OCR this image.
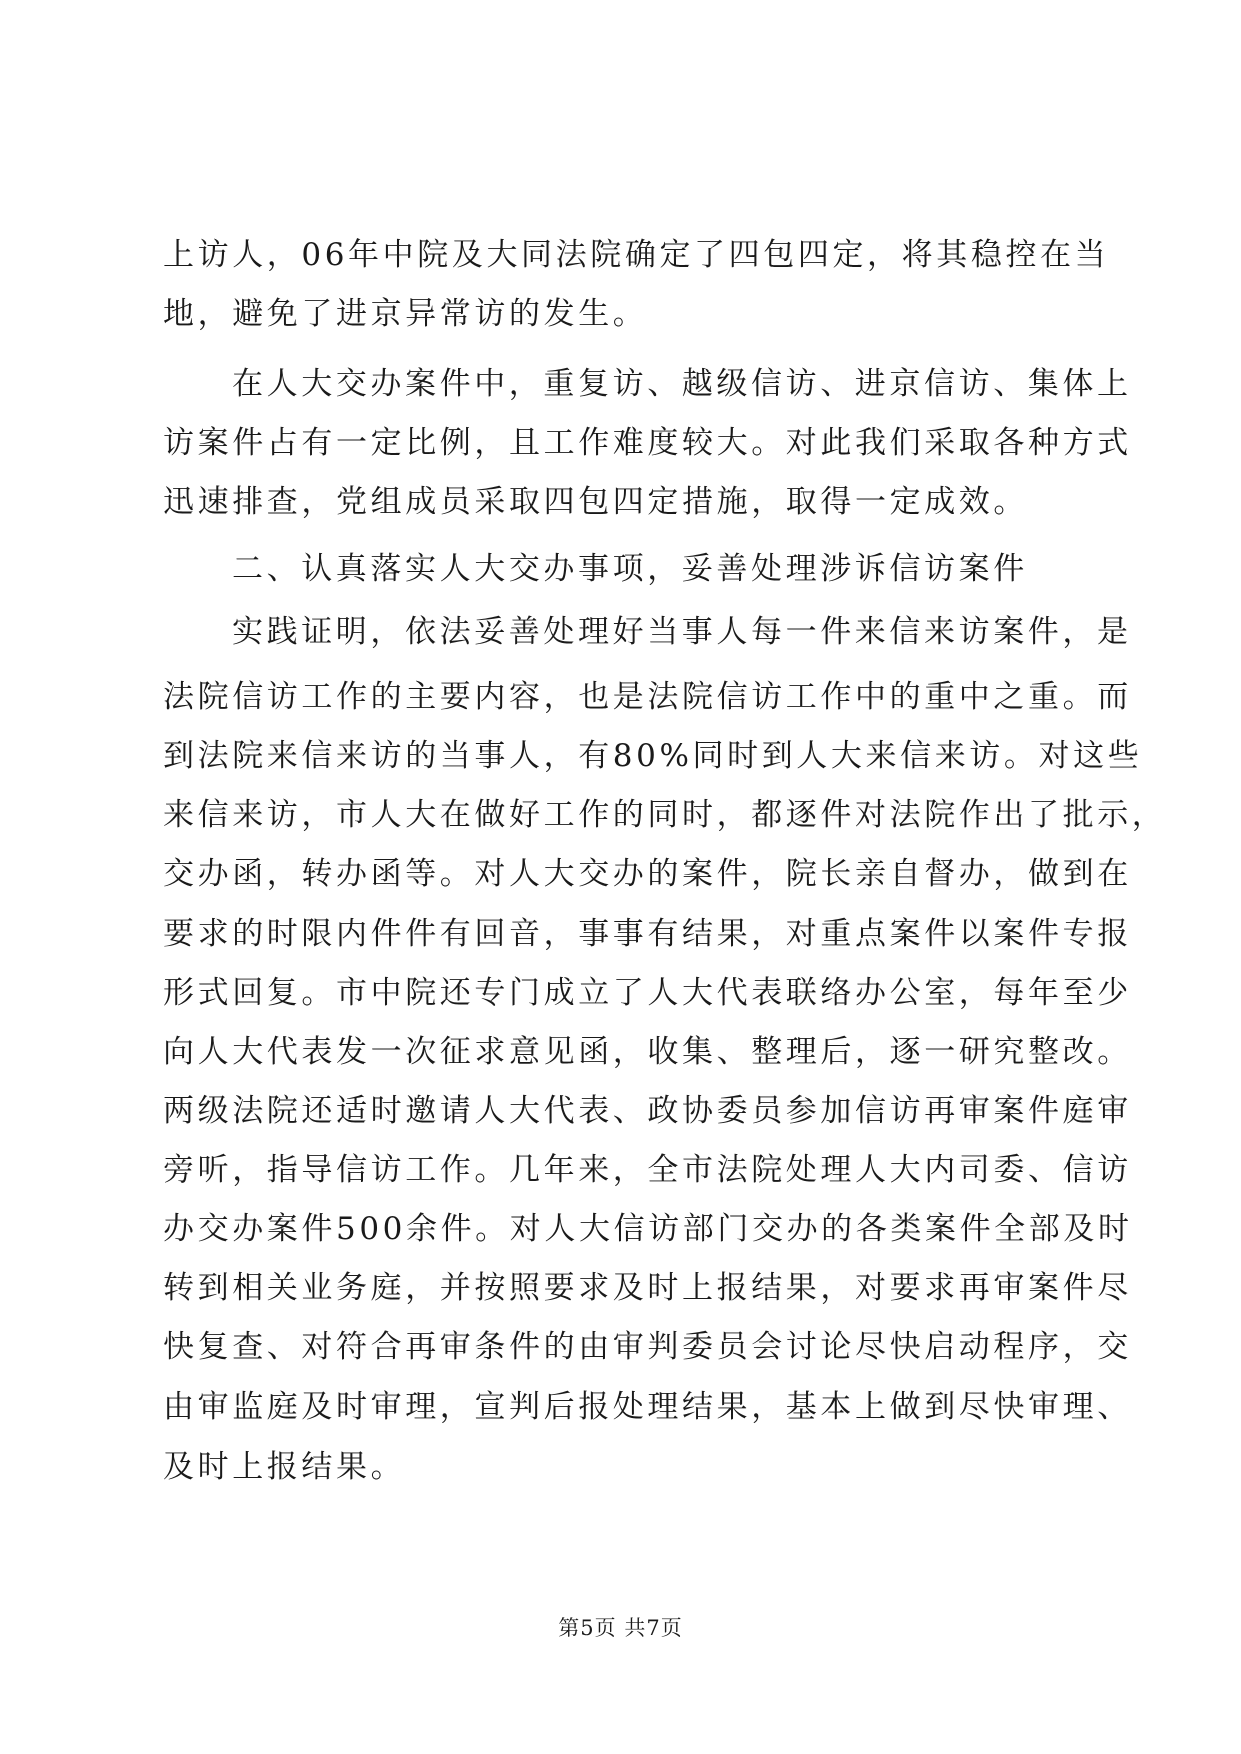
上访人，06年中院及大同法院确定了四包四定，将其稳控在当
地，避免了进京异常访的发生。
在人大交办案件中，重复访、越级信访、进京信访、集体上
访案件占有一定比例，且工作难度较大。对此我们采取各种方式
迅速排查，党组成员采取四包四定措施，取得一定成效。
二、认真落实人大交办事项，妥善处理涉诉信访案件
实践证明，依法妥善处理好当事人每一件来信来访案件，是
法院信访工作的主要内容，也是法院信访工作中的重中之重。而
到法院来信来访的当事人，有80%同时到人大来信来访。对这些
来信来访，市人大在做好工作的同时，都逐件对法院作出了批示，
交办函，转办函等。对人大交办的案件，院长亲自督办，做到在
要求的时限内件件有回音，事事有结果，对重点案件以案件专报
形式回复。市中院还专门成立了人大代表联络办公室，每年至少
向人大代表发一次征求意见函，收集、整理后，逐一研究整改。
两级法院还适时邀请人大代表、政协委员参加信访再审案件庭审
旁听，指导信访工作。几年来，全市法院处理人大内司委、信访
办交办案件500余件。对人大信访部门交办的各类案件全部及时
转到相关业务庭，并按照要求及时上报结果，对要求再审案件尽
快复查、对符合再审条件的由审判委员会讨论尽快启动程序，交
由审监庭及时审理，宣判后报处理结果，基本上做到尽快审理、
及时上报结果。
第5页 共7页
